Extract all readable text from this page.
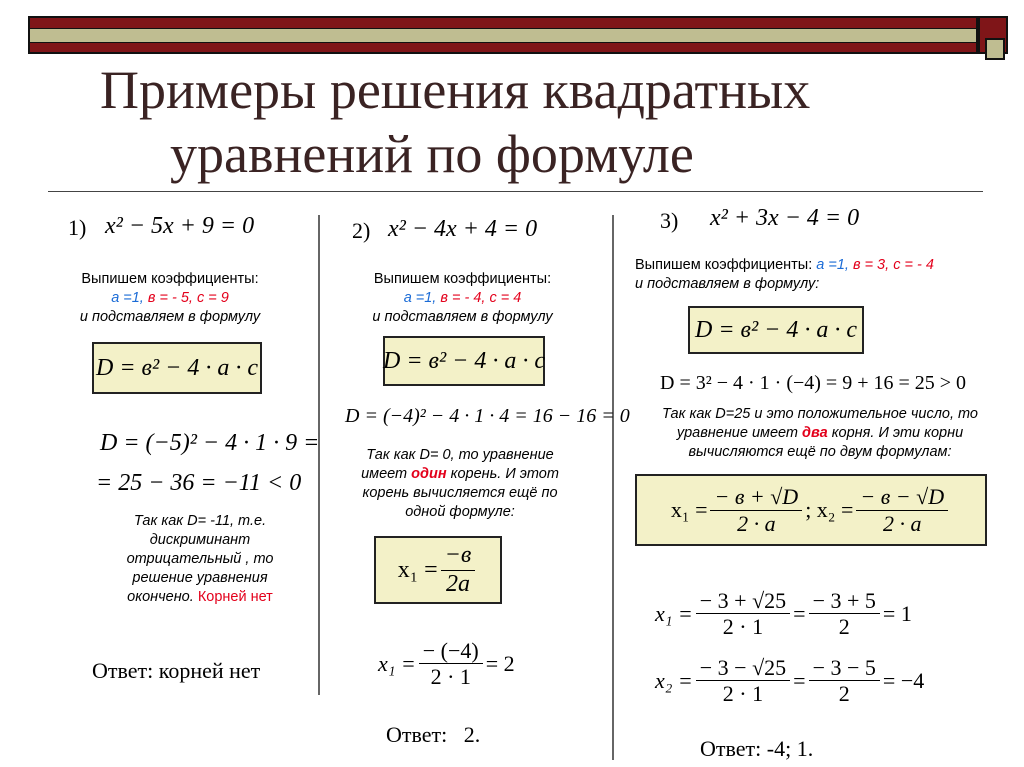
Примеры решения квадратных
уравнений по формуле
1) x² − 5x + 9 = 0
Выпишем коэффициенты:
а =1, в = - 5, с = 9
и подставляем в формулу
D = в² − 4 · а · с
D = (−5)² − 4 · 1 · 9 =
= 25 − 36 = −11 < 0
Так как D= -11, т.е. дискриминант отрицательный , то решение уравнения окончено. Корней нет
Ответ: корней нет
2) x² − 4x + 4 = 0
Выпишем коэффициенты:
а =1, в = - 4, с = 4
и подставляем в формулу
D = в² − 4 · а · с
D = (−4)² − 4 · 1 · 4 = 16 − 16 = 0
Так как D= 0, то уравнение имеет один корень. И этот корень вычисляется ещё по одной формуле:
$x_1 = \frac{-в}{2а}$
$x_1 = \frac{- (-4)}{2 \cdot 1} = 2$
Ответ:   2.
3) x² + 3x − 4 = 0
Выпишем коэффициенты: а =1, в = 3, с = - 4
и подставляем в формулу:
D = в² − 4 · а · с
D = 3² − 4 · 1 · (−4) = 9 + 16 = 25 > 0
Так как D=25 и это положительное число, то уравнение имеет два корня. И эти корни вычисляются ещё по двум формулам:
$x_1 = \frac{- в + √D}{2 \cdot а}$ ; $x_2 = \frac{- в - √D}{2 \cdot а}$
$x_1 = \frac{- 3 + √25}{2 \cdot 1} = \frac{- 3 + 5}{2} = 1$
$x_2 = \frac{- 3 - √25}{2 \cdot 1} = \frac{- 3 - 5}{2} = -4$
Ответ: -4; 1.
